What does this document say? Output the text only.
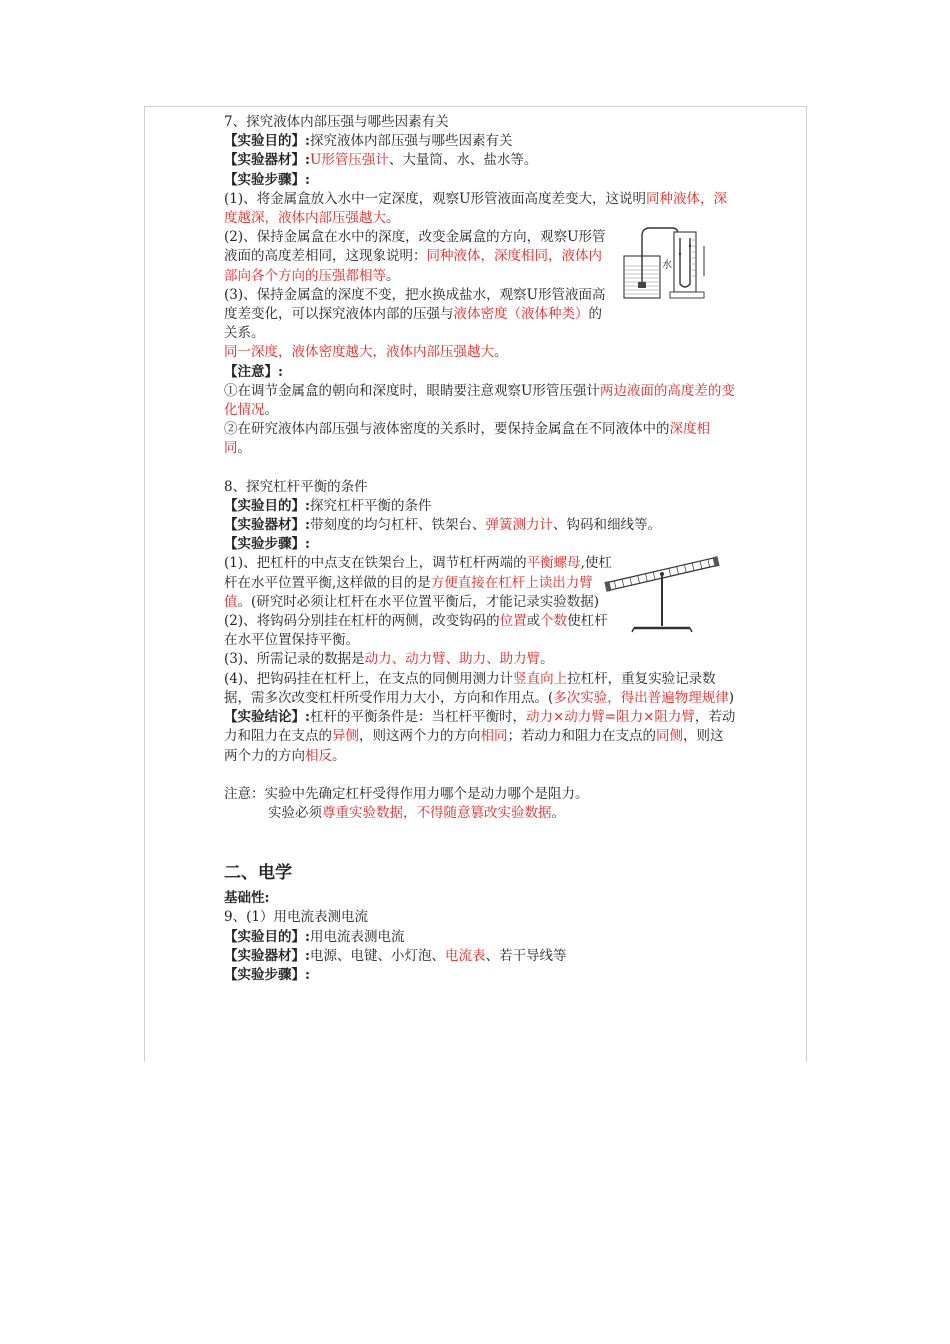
水

7、探究液体内部压强与哪些因素有关

【实验目的】:探究液体内部压强与哪些因素有关

【实验器材】:U形管压强计、大量筒、水、盐水等。

【实验步骤】:

(1)、将金属盒放入水中一定深度，观察U形管液面高度差变大，这说明同种液体，深度越深，液体内部压强越大。

(2)、保持金属盒在水中的深度，改变金属盒的方向，观察U形管液面的高度差相同，这现象说明：同种液体，深度相同，液体内部向各个方向的压强都相等。

(3)、保持金属盒的深度不变，把水换成盐水，观察U形管液面高度差变化，可以探究液体内部的压强与液体密度（液体种类）的关系。

同一深度，液体密度越大，液体内部压强越大。

【注意】:

①在调节金属盒的朝向和深度时，眼睛要注意观察U形管压强计两边液面的高度差的变化情况。

②在研究液体内部压强与液体密度的关系时，要保持金属盒在不同液体中的深度相同。

8、探究杠杆平衡的条件

【实验目的】:探究杠杆平衡的条件

【实验器材】:带刻度的均匀杠杆、铁架台、弹簧测力计、钩码和细线等。

【实验步骤】:

(1)、把杠杆的中点支在铁架台上，调节杠杆两端的平衡螺母,使杠杆在水平位置平衡,这样做的目的是方便直接在杠杆上读出力臂值。(研究时必须让杠杆在水平位置平衡后，才能记录实验数据)

(2)、将钩码分别挂在杠杆的两侧，改变钩码的位置或个数使杠杆在水平位置保持平衡。

(3)、所需记录的数据是动力、动力臂、助力、助力臂。

(4)、把钩码挂在杠杆上，在支点的同侧用测力计竖直向上拉杠杆，重复实验记录数据，需多次改变杠杆所受作用力大小，方向和作用点。(多次实验，得出普遍物理规律)

【实验结论】:杠杆的平衡条件是：当杠杆平衡时，动力×动力臂=阻力×阻力臂，若动力和阻力在支点的异侧，则这两个力的方向相同；若动力和阻力在支点的同侧，则这两个力的方向相反。

注意：实验中先确定杠杆受得作用力哪个是动力哪个是阻力。

实验必须尊重实验数据，不得随意篡改实验数据。

二、电学

基础性:

9、(1）用电流表测电流

【实验目的】:用电流表测电流

【实验器材】:电源、电键、小灯泡、电流表、若干导线等

【实验步骤】:
